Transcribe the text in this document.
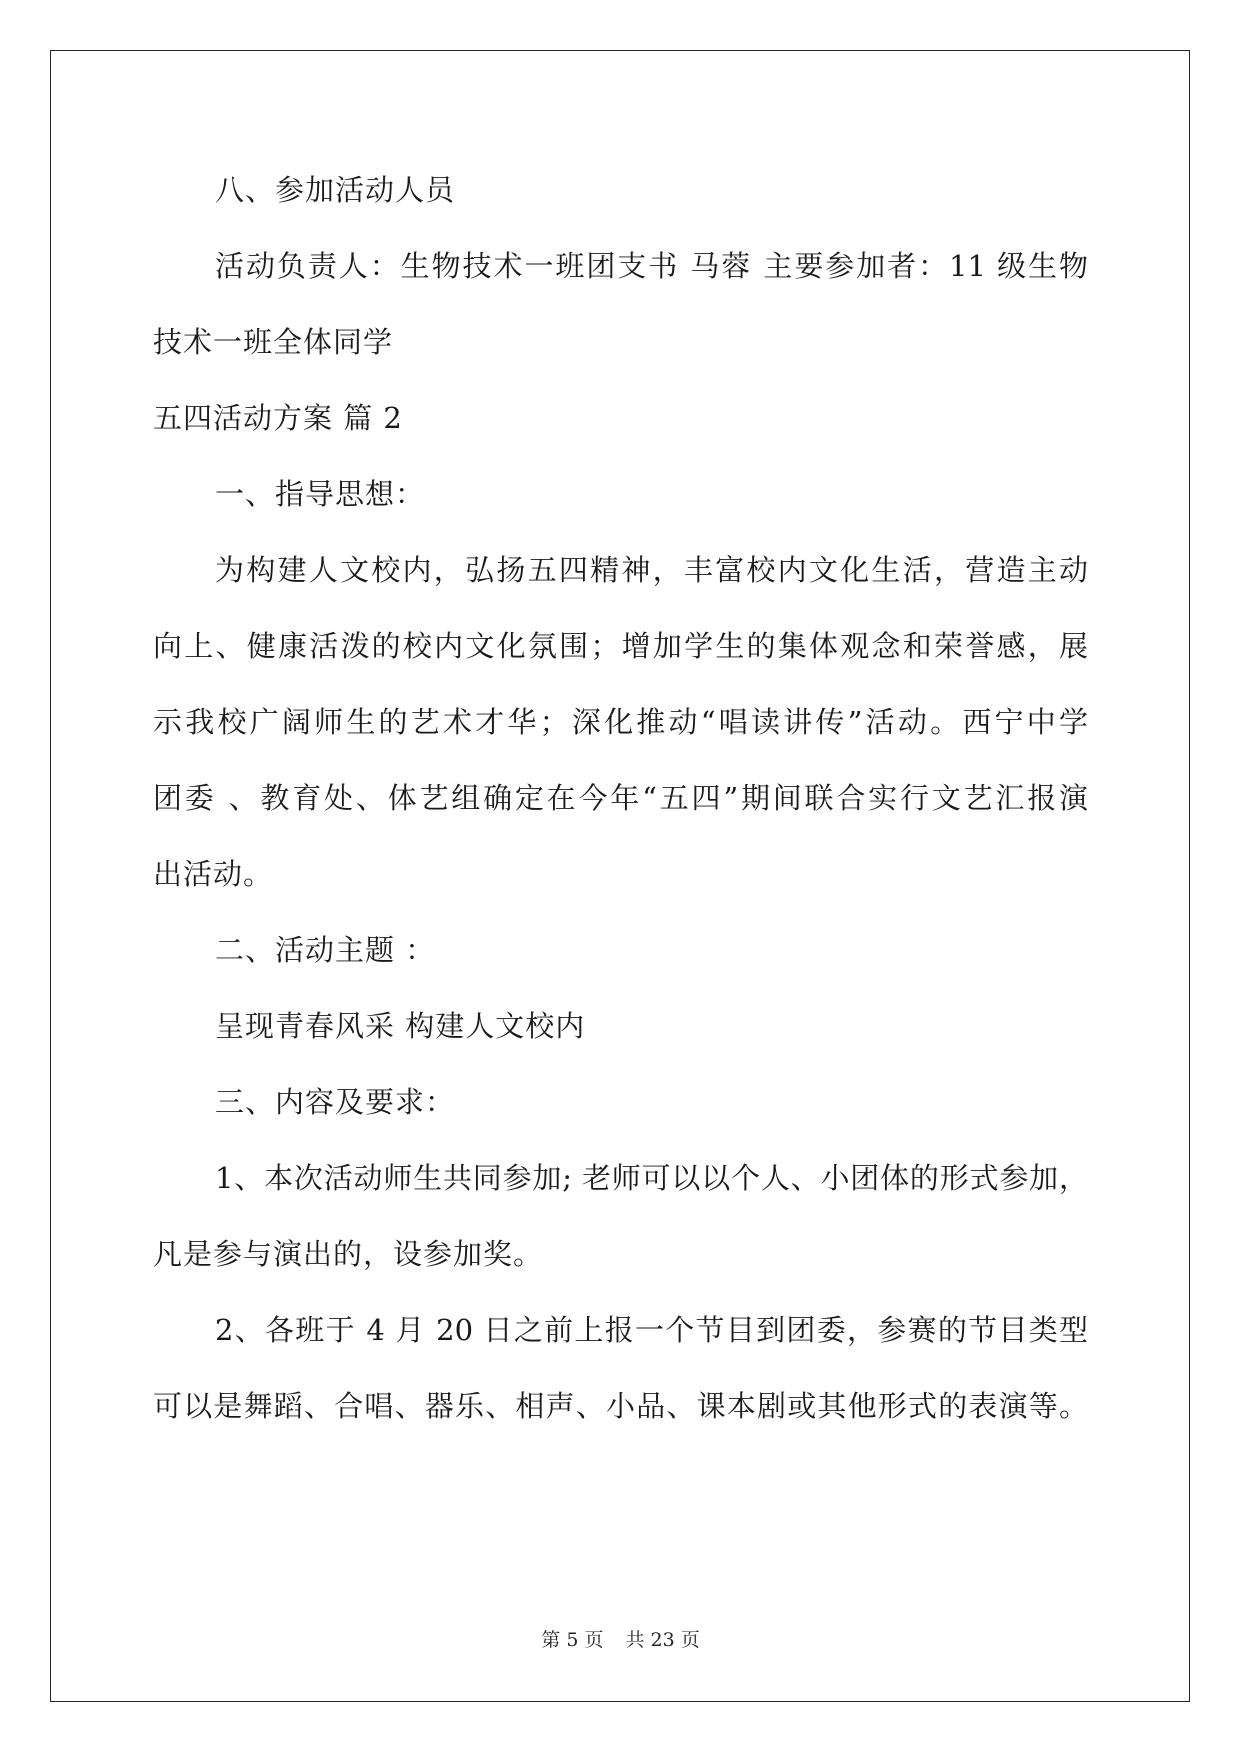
八、参加活动人员
活动负责人：生物技术一班团支书 马蓉 主要参加者：11 级生物
技术一班全体同学
五四活动方案 篇 2
一、指导思想：
为构建人文校内，弘扬五四精神，丰富校内文化生活，营造主动
向上、健康活泼的校内文化氛围；增加学生的集体观念和荣誉感，展
示我校广阔师生的艺术才华；深化推动“唱读讲传”活动。西宁中学
团委 、教育处、体艺组确定在今年“五四”期间联合实行文艺汇报演
出活动。
二、活动主题 ：
呈现青春风采 构建人文校内
三、内容及要求：
1、本次活动师生共同参加; 老师可以以个人、小团体的形式参加，
凡是参与演出的，设参加奖。
2、各班于 4 月 20 日之前上报一个节目到团委，参赛的节目类型
可以是舞蹈、合唱、器乐、相声、小品、课本剧或其他形式的表演等。
第 5 页 共 23 页
